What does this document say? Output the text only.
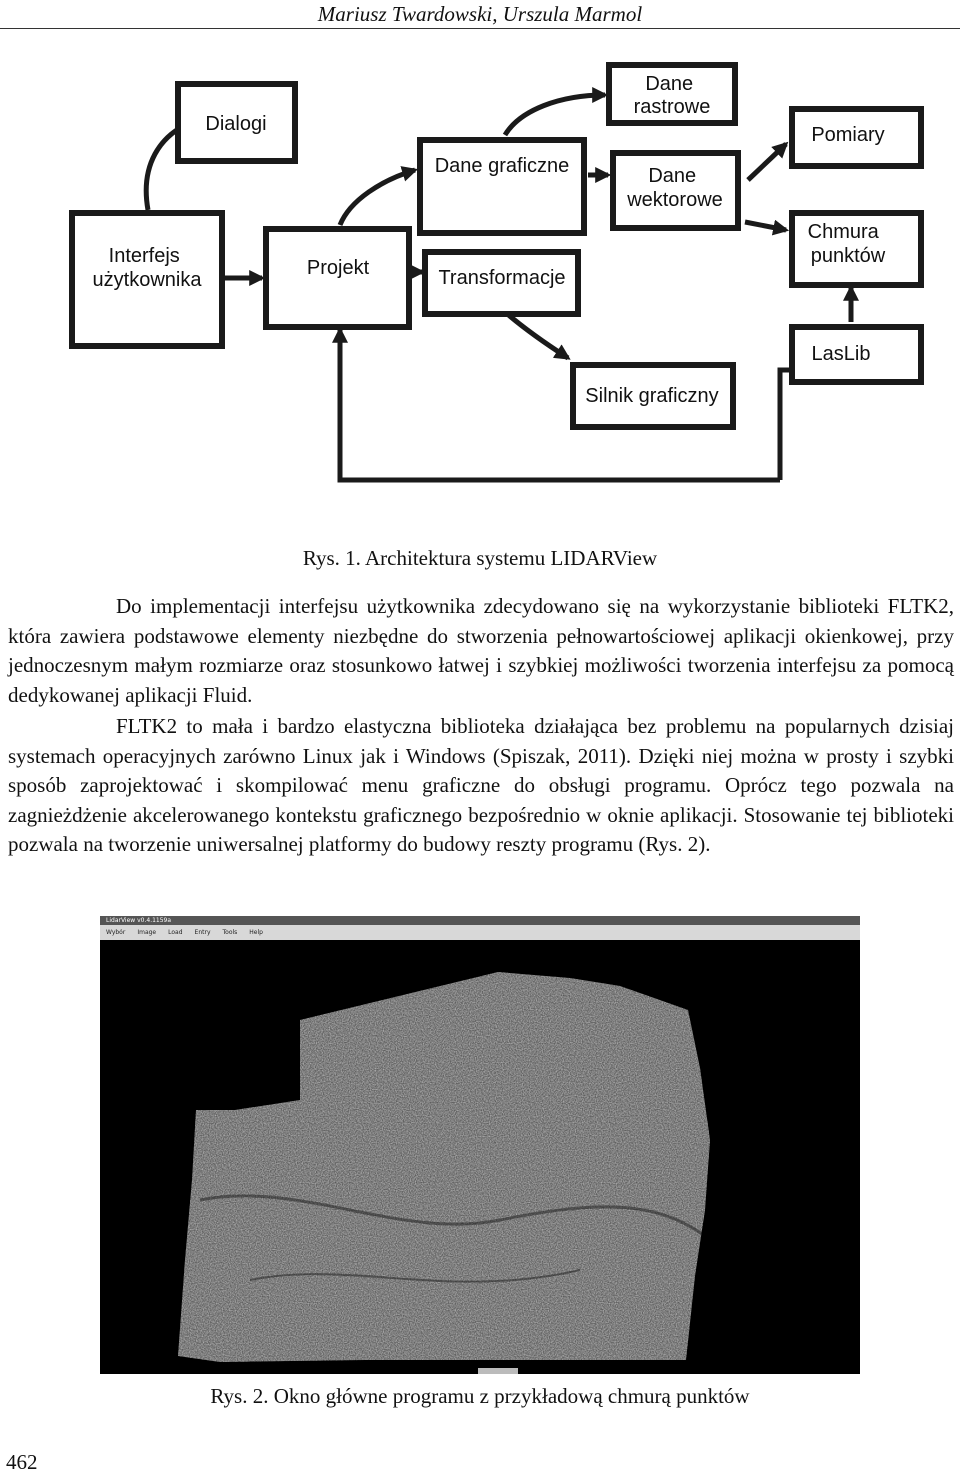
Mariusz Twardowski, Urszula Marmol
Dialogi
Interfejs użytkownika
Projekt
Dane graficzne
Transformacje
Dane rastrowe
Dane wektorowe
Pomiary
Chmura punktów
LasLib
Silnik graficzny
Rys. 1. Architektura systemu LIDARView

Do implementacji interfejsu użytkownika zdecydowano się na wykorzystanie biblioteki FLTK2, która zawiera podstawowe elementy niezbędne do stworzenia pełnowartościowej aplikacji okienkowej, przy jednoczesnym małym rozmiarze oraz stosunkowo łatwej i szybkiej możliwości tworzenia interfejsu za pomocą dedykowanej aplikacji Fluid.

FLTK2 to mała i bardzo elastyczna biblioteka działająca bez problemu na popularnych dzisiaj systemach operacyjnych zarówno Linux jak i Windows (Spiszak, 2011). Dzięki niej można w prosty i szybki sposób zaprojektować i skompilować menu graficzne do obsługi programu. Oprócz tego pozwala na zagnieżdżenie akcelerowanego kontekstu graficznego bezpośrednio w oknie aplikacji. Stosowanie tej biblioteki pozwala na tworzenie uniwersalnej platformy do budowy reszty programu (Rys. 2).

LidarView v0.4.1159a
Wybór	Image	Load	Entry	Tools	Help
Rys. 2. Okno główne programu z przykładową chmurą punktów
462
